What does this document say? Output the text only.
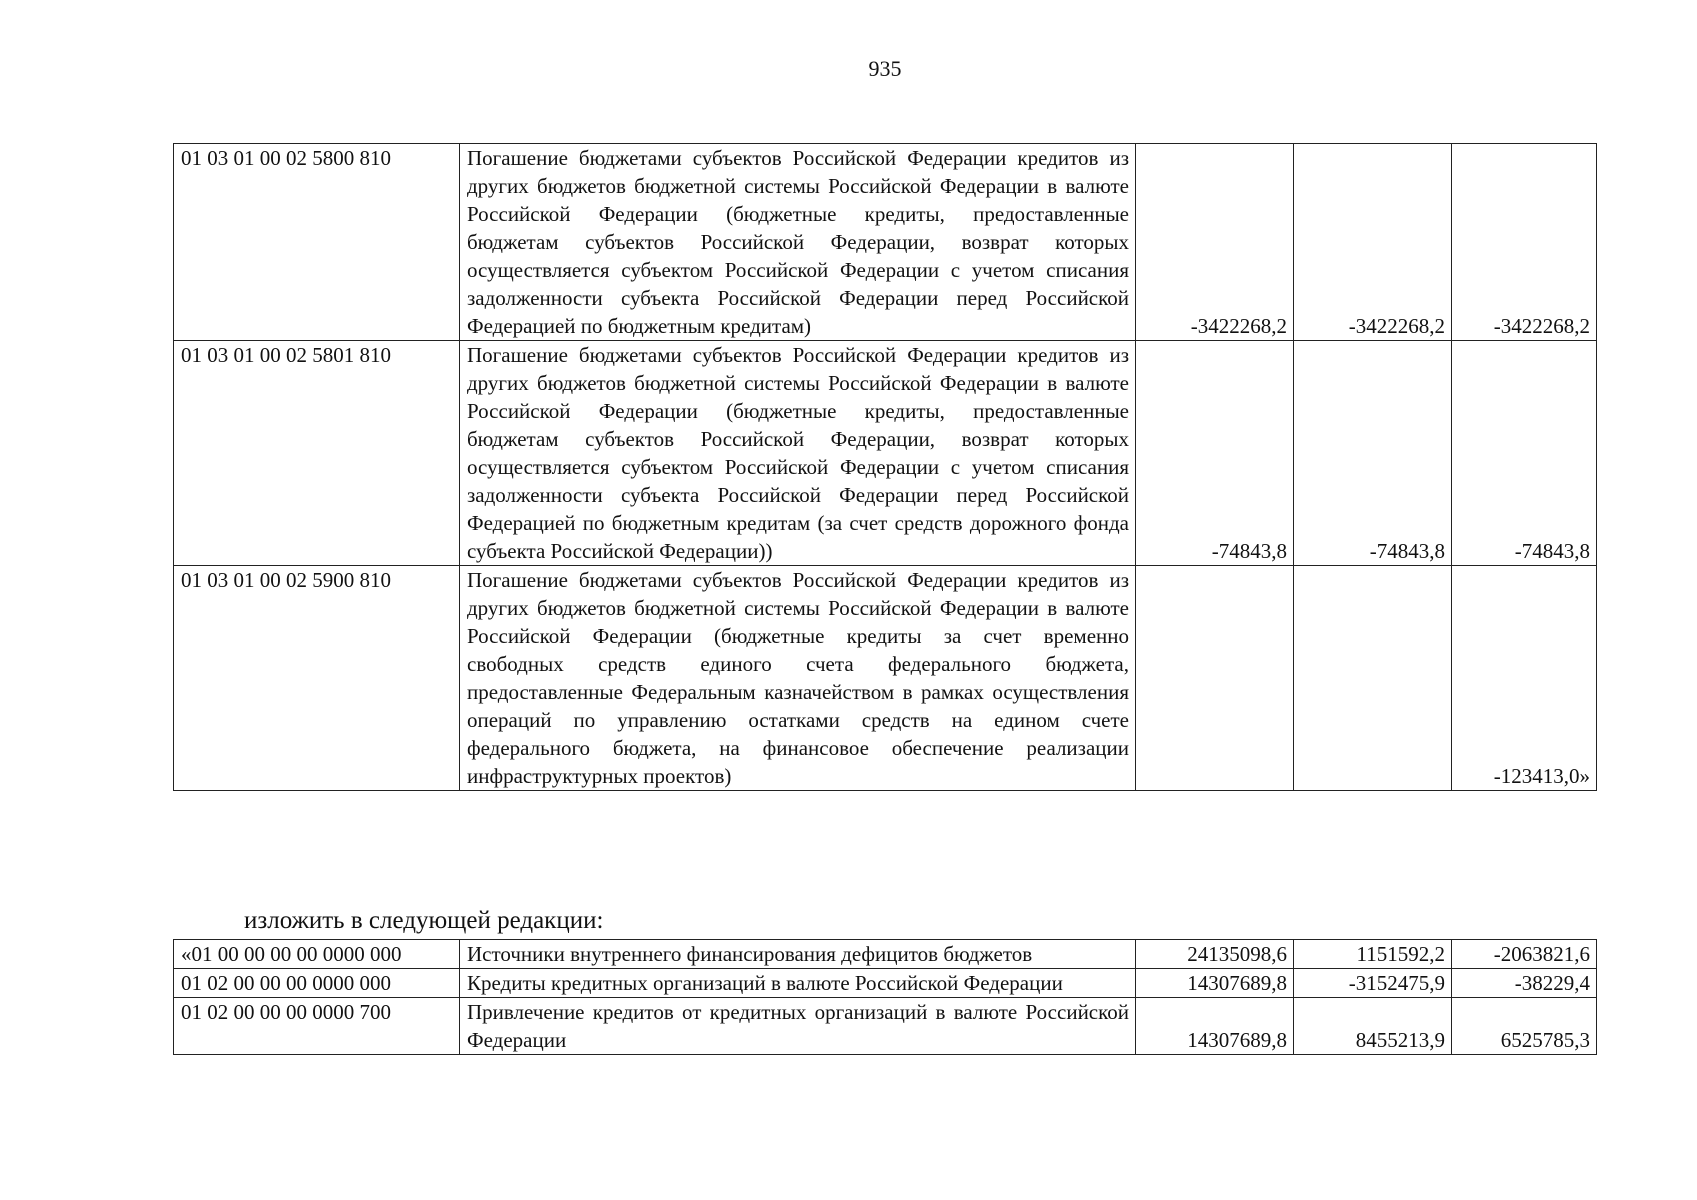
935
01 03 01 00 02 5800 810	Погашение бюджетами субъектов Российской Федерации кредитов из других бюджетов бюджетной системы Российской Федерации в валюте Российской Федерации (бюджетные кредиты, предоставленные бюджетам субъектов Российской Федерации, возврат которых осуществляется субъектом Российской Федерации с учетом списания задолженности субъекта Российской Федерации перед Российской Федерацией по бюджетным кредитам)	-3422268,2	-3422268,2	-3422268,2
01 03 01 00 02 5801 810	Погашение бюджетами субъектов Российской Федерации кредитов из других бюджетов бюджетной системы Российской Федерации в валюте Российской Федерации (бюджетные кредиты, предоставленные бюджетам субъектов Российской Федерации, возврат которых осуществляется субъектом Российской Федерации с учетом списания задолженности субъекта Российской Федерации перед Российской Федерацией по бюджетным кредитам (за счет средств дорожного фонда субъекта Российской Федерации))	-74843,8	-74843,8	-74843,8
01 03 01 00 02 5900 810	Погашение бюджетами субъектов Российской Федерации кредитов из других бюджетов бюджетной системы Российской Федерации в валюте Российской Федерации (бюджетные кредиты за счет временно свободных средств единого счета федерального бюджета, предоставленные Федеральным казначейством в рамках осуществления операций по управлению остатками средств на едином счете федерального бюджета, на финансовое обеспечение реализации инфраструктурных проектов)			-123413,0»
изложить в следующей редакции:
«01 00 00 00 00 0000 000	Источники внутреннего финансирования дефицитов бюджетов	24135098,6	1151592,2	-2063821,6
01 02 00 00 00 0000 000	Кредиты кредитных организаций в валюте Российской Федерации	14307689,8	-3152475,9	-38229,4
01 02 00 00 00 0000 700	Привлечение кредитов от кредитных организаций в валюте Российской Федерации	14307689,8	8455213,9	6525785,3
